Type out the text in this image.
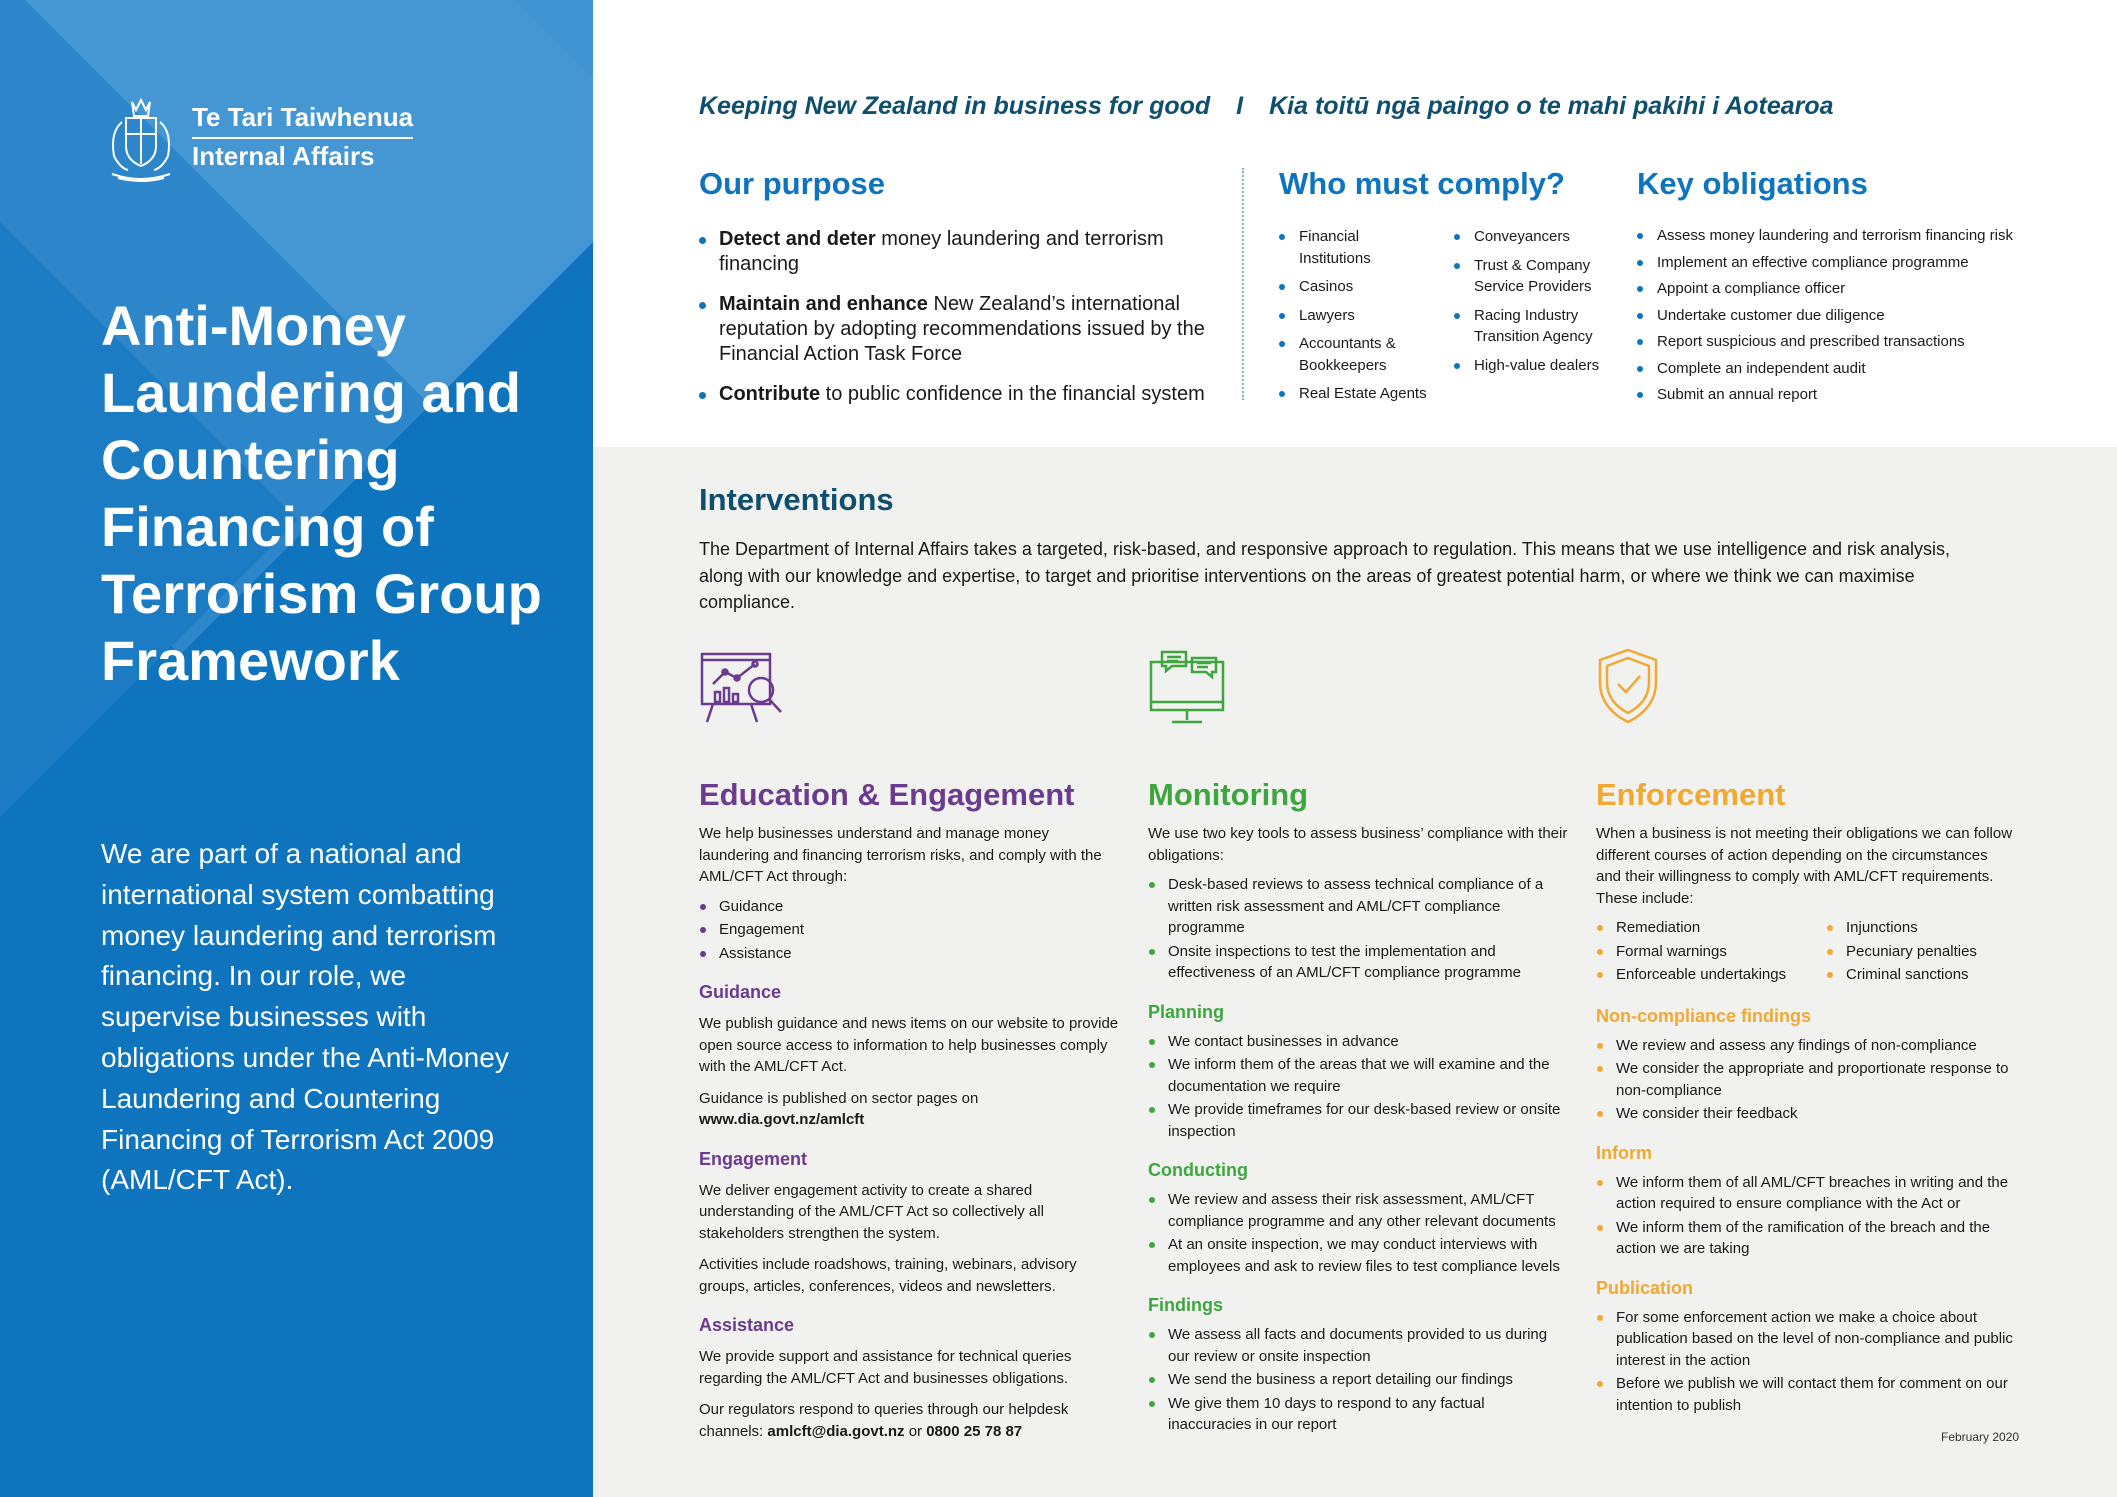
Te Tari Taiwhenua
Internal Affairs
Anti-Money Laundering and Countering Financing of Terrorism Group Framework

We are part of a national and international system combatting money laundering and terrorism financing. In our role, we supervise businesses with obligations under the Anti-Money Laundering and Countering Financing of Terrorism Act 2009 (AML/CFT Act).

Keeping New Zealand in business for good I Kia toitū ngā paingo o te mahi pakihi i Aotearoa
Our purpose
Detect and deter money laundering and terrorism financing
Maintain and enhance New Zealand’s international reputation by adopting recommendations issued by the Financial Action Task Force
Contribute to public confidence in the financial system
Who must comply?
Financial Institutions
Casinos
Lawyers
Accountants & Bookkeepers
Real Estate Agents
Conveyancers
Trust & Company Service Providers
Racing Industry Transition Agency
High-value dealers
Key obligations
Assess money laundering and terrorism financing risk
Implement an effective compliance programme
Appoint a compliance officer
Undertake customer due diligence
Report suspicious and prescribed transactions
Complete an independent audit
Submit an annual report
Interventions

The Department of Internal Affairs takes a targeted, risk-based, and responsive approach to regulation. This means that we use intelligence and risk analysis, along with our knowledge and expertise, to target and prioritise interventions on the areas of greatest potential harm, or where we think we can maximise compliance.

Education & Engagement

We help businesses understand and manage money laundering and financing terrorism risks, and comply with the AML/CFT Act through:

Guidance
Engagement
Assistance
Guidance

We publish guidance and news items on our website to provide open source access to information to help businesses comply with the AML/CFT Act.

Guidance is published on sector pages on
www.dia.govt.nz/amlcft

Engagement

We deliver engagement activity to create a shared understanding of the AML/CFT Act so collectively all stakeholders strengthen the system.

Activities include roadshows, training, webinars, advisory groups, articles, conferences, videos and newsletters.

Assistance

We provide support and assistance for technical queries regarding the AML/CFT Act and businesses obligations.

Our regulators respond to queries through our helpdesk channels: amlcft@dia.govt.nz or 0800 25 78 87

Monitoring

We use two key tools to assess business’ compliance with their obligations:

Desk-based reviews to assess technical compliance of a written risk assessment and AML/CFT compliance programme
Onsite inspections to test the implementation and effectiveness of an AML/CFT compliance programme
Planning
We contact businesses in advance
We inform them of the areas that we will examine and the documentation we require
We provide timeframes for our desk-based review or onsite inspection
Conducting
We review and assess their risk assessment, AML/CFT compliance programme and any other relevant documents
At an onsite inspection, we may conduct interviews with employees and ask to review files to test compliance levels
Findings
We assess all facts and documents provided to us during our review or onsite inspection
We send the business a report detailing our findings
We give them 10 days to respond to any factual inaccuracies in our report
Enforcement

When a business is not meeting their obligations we can follow different courses of action depending on the circumstances and their willingness to comply with AML/CFT requirements. These include:

Remediation
Formal warnings
Enforceable undertakings
Injunctions
Pecuniary penalties
Criminal sanctions
Non-compliance findings
We review and assess any findings of non-compliance
We consider the appropriate and proportionate response to non-compliance
We consider their feedback
Inform
We inform them of all AML/CFT breaches in writing and the action required to ensure compliance with the Act or
We inform them of the ramification of the breach and the action we are taking
Publication
For some enforcement action we make a choice about publication based on the level of non-compliance and public interest in the action
Before we publish we will contact them for comment on our intention to publish
February 2020
